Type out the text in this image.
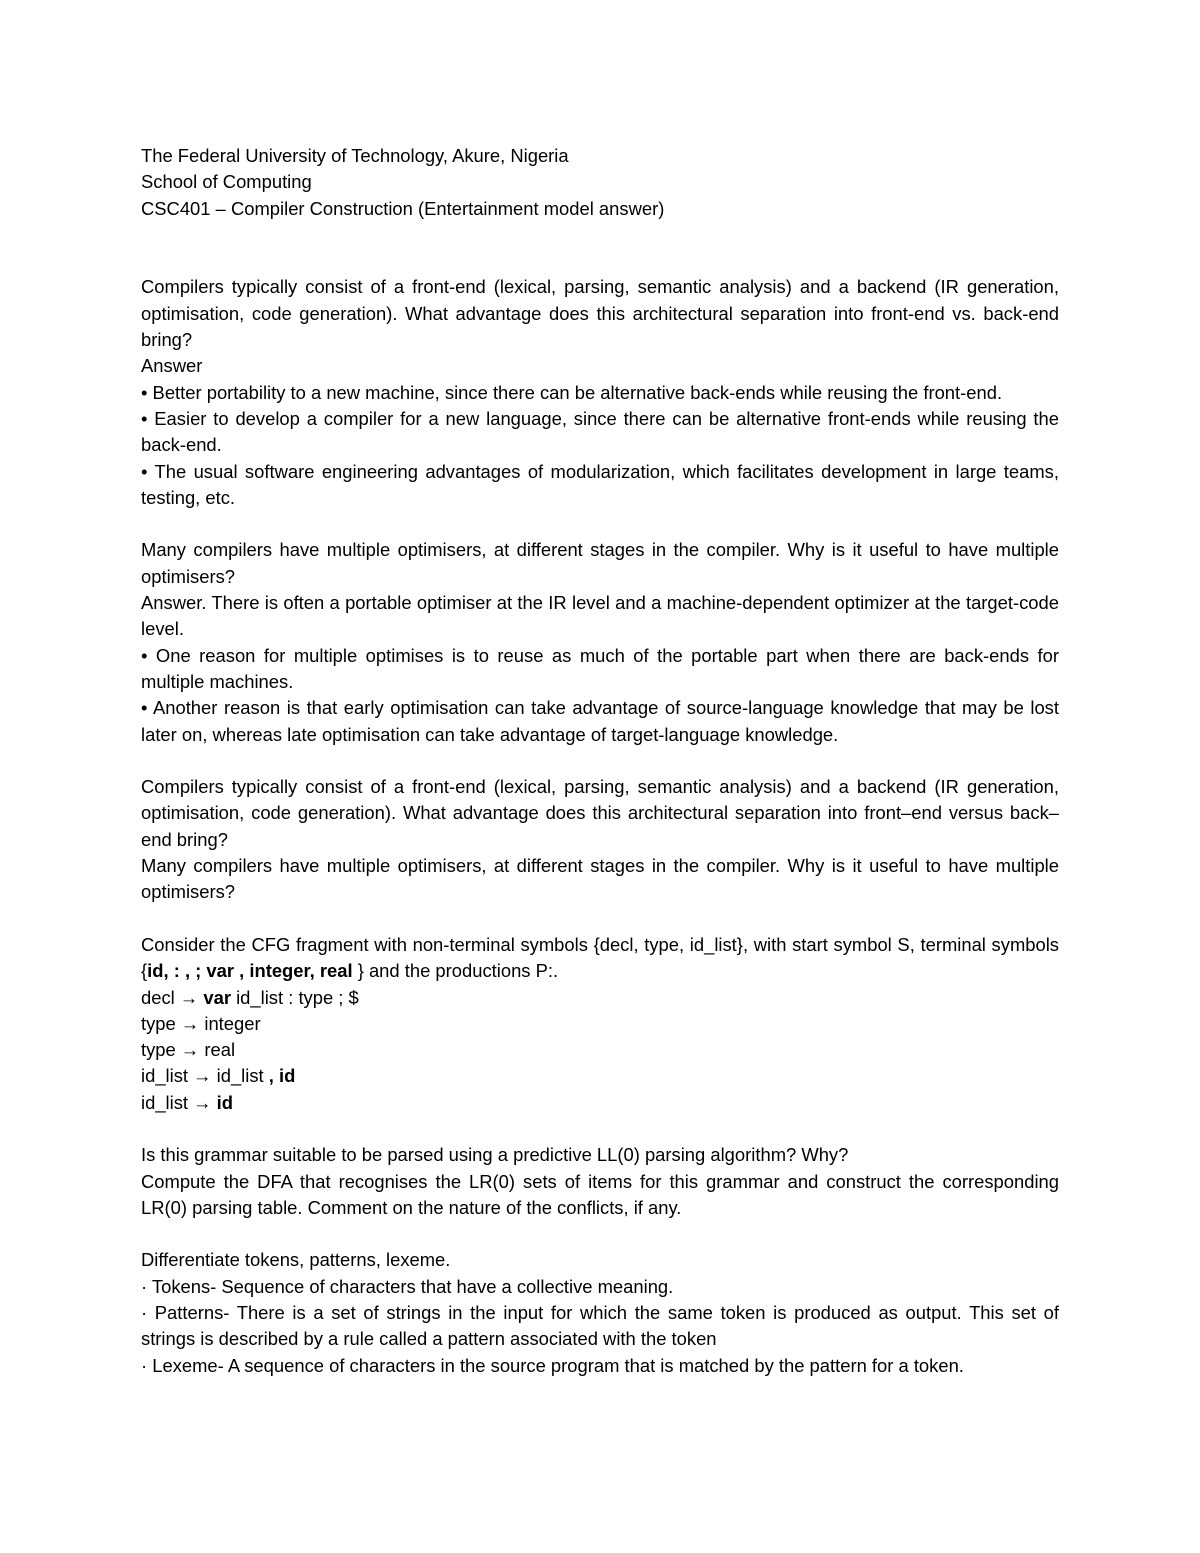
The Federal University of Technology, Akure, Nigeria
School of Computing
CSC401 – Compiler Construction (Entertainment model answer)
Compilers typically consist of a front-end (lexical, parsing, semantic analysis) and a backend (IR generation, optimisation, code generation). What advantage does this architectural separation into front-end vs. back-end bring?
Answer
• Better portability to a new machine, since there can be alternative back-ends while reusing the front-end.
• Easier to develop a compiler for a new language, since there can be alternative front-ends while reusing the back-end.
• The usual software engineering advantages of modularization, which facilitates development in large teams, testing, etc.
Many compilers have multiple optimisers, at different stages in the compiler. Why is it useful to have multiple optimisers?
Answer. There is often a portable optimiser at the IR level and a machine-dependent optimizer at the target-code level.
• One reason for multiple optimises is to reuse as much of the portable part when there are back-ends for multiple machines.
• Another reason is that early optimisation can take advantage of source-language knowledge that may be lost later on, whereas late optimisation can take advantage of target-language knowledge.
Compilers typically consist of a front-end (lexical, parsing, semantic analysis) and a backend (IR generation, optimisation, code generation). What advantage does this architectural separation into front–end versus back–end bring?
Many compilers have multiple optimisers, at different stages in the compiler. Why is it useful to have multiple optimisers?
Consider the CFG fragment with non-terminal symbols {decl, type, id_list}, with start symbol S, terminal symbols {id, : , ; var , integer, real } and the productions P:.
decl → var id_list : type ; $
type → integer
type → real
id_list → id_list , id
id_list → id
Is this grammar suitable to be parsed using a predictive LL(0) parsing algorithm? Why?
Compute the DFA that recognises the LR(0) sets of items for this grammar and construct the corresponding LR(0) parsing table. Comment on the nature of the conflicts, if any.
Differentiate tokens, patterns, lexeme.
· Tokens- Sequence of characters that have a collective meaning.
· Patterns- There is a set of strings in the input for which the same token is produced as output. This set of strings is described by a rule called a pattern associated with the token
· Lexeme- A sequence of characters in the source program that is matched by the pattern for a token.
